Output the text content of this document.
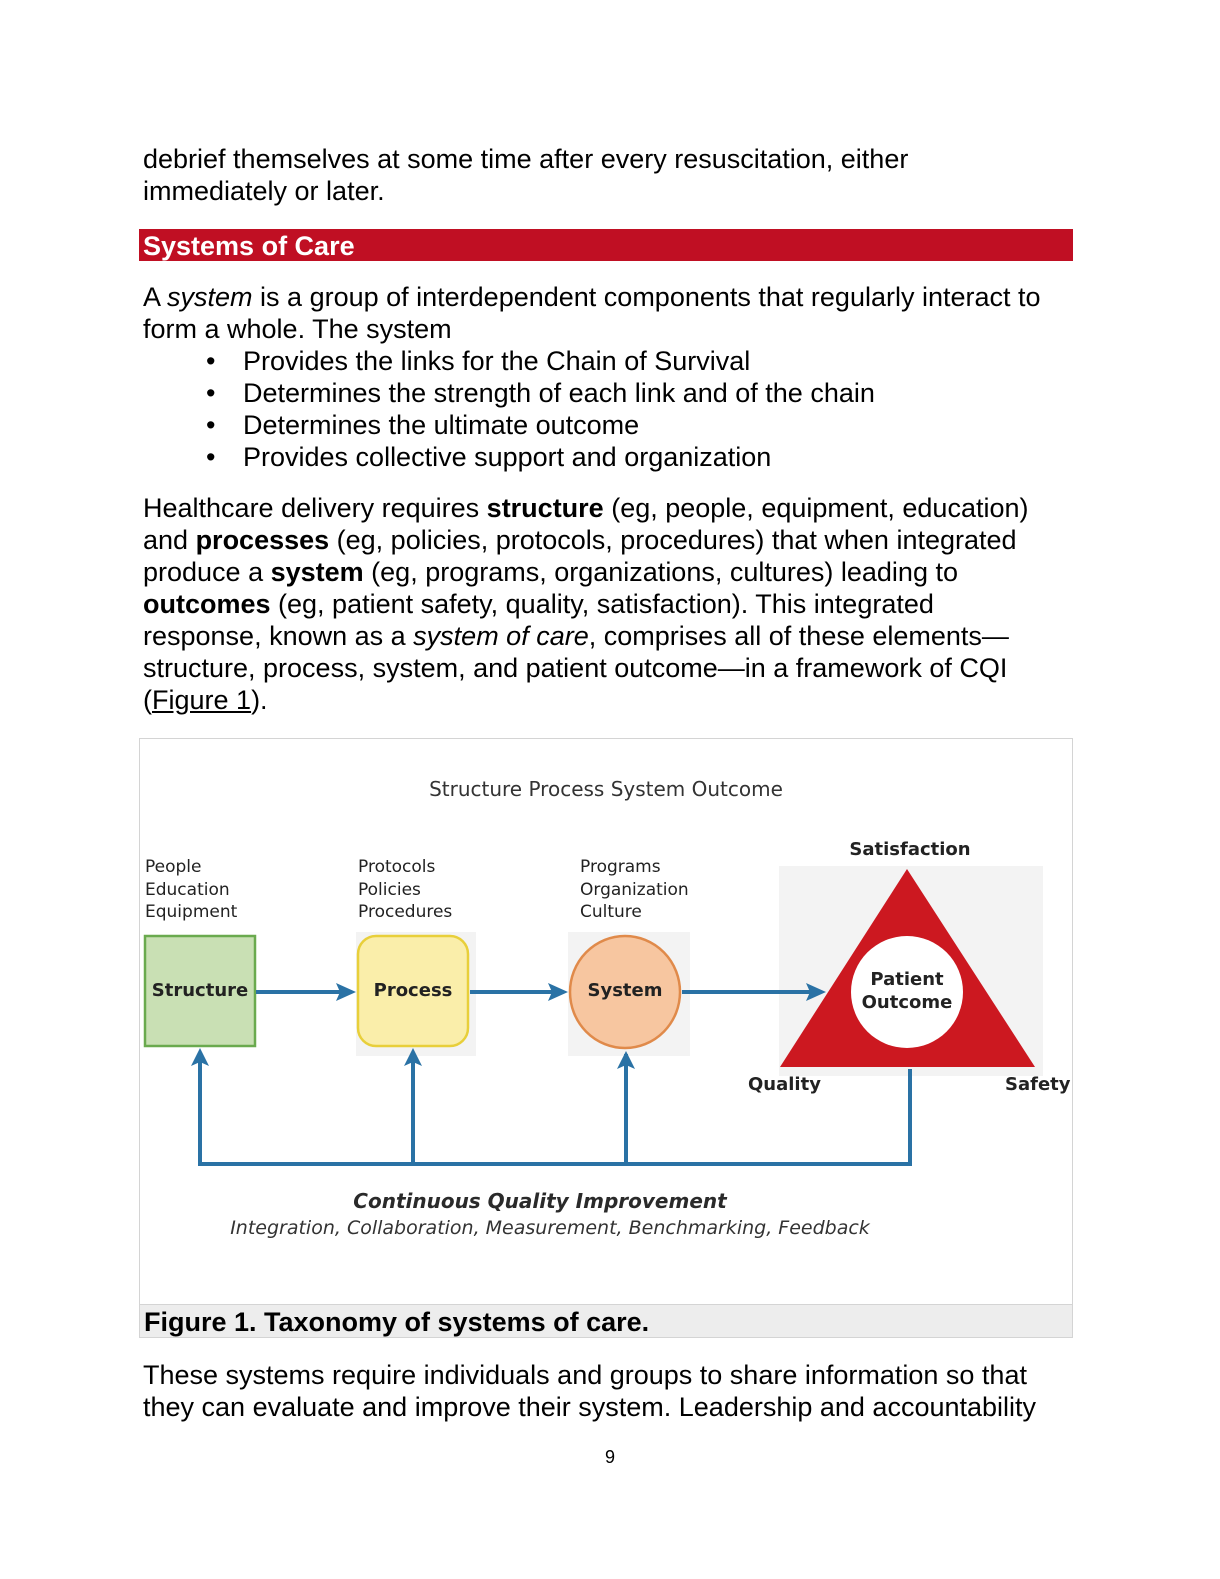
debrief themselves at some time after every resuscitation, either
immediately or later.
Systems of Care
A system is a group of interdependent components that regularly interact to form a whole. The system
• Provides the links for the Chain of Survival
• Determines the strength of each link and of the chain
• Determines the ultimate outcome
• Provides collective support and organization
Healthcare delivery requires structure (eg, people, equipment, education) and processes (eg, policies, protocols, procedures) that when integrated produce a system (eg, programs, organizations, cultures) leading to outcomes (eg, patient safety, quality, satisfaction). This integrated response, known as a system of care, comprises all of these elements—structure, process, system, and patient outcome—in a framework of CQI (Figure 1).
Structure Process System Outcome
People
Education
Equipment
Protocols
Policies
Procedures
Programs
Organization
Culture
Structure	Process	System
Patient
Outcome
Satisfaction
Quality	Safety
Continuous Quality Improvement
Integration, Collaboration, Measurement, Benchmarking, Feedback
Figure 1. Taxonomy of systems of care.
These systems require individuals and groups to share information so that
they can evaluate and improve their system. Leadership and accountability
9
